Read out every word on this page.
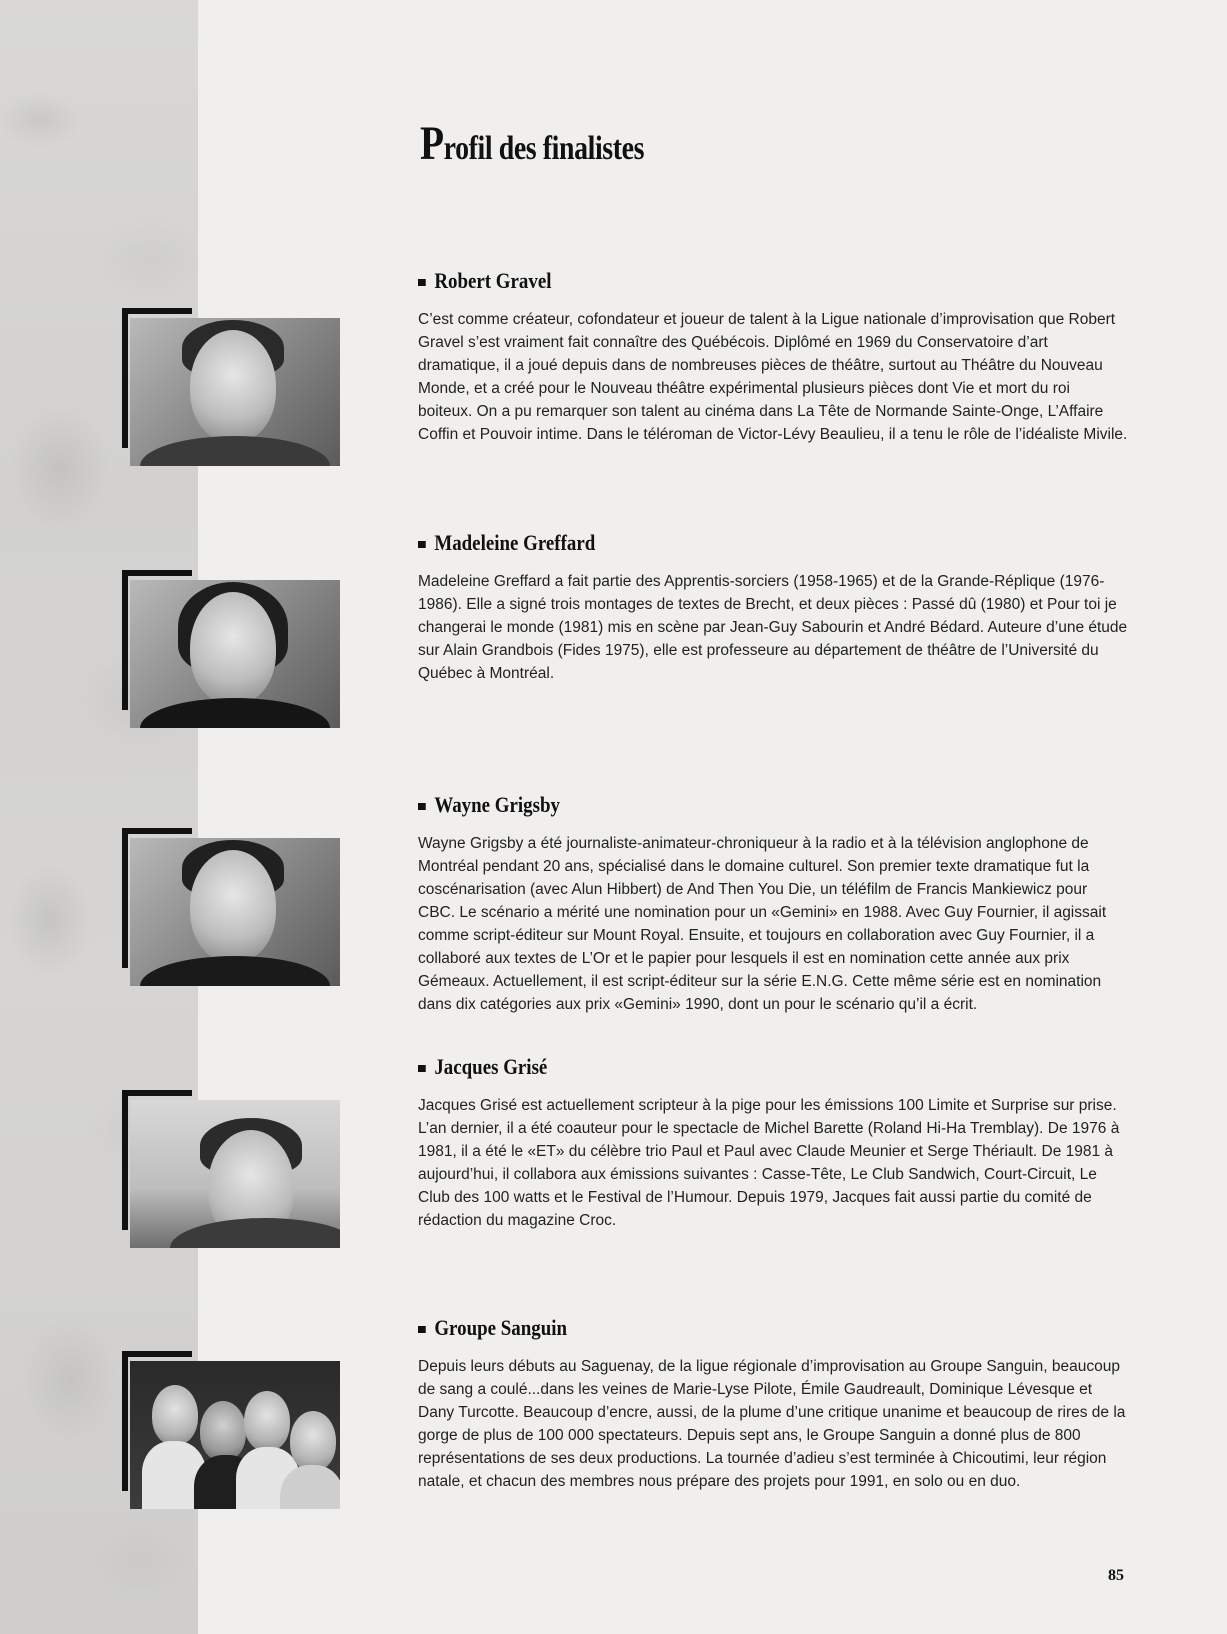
Profil des finalistes
Robert Gravel

C’est comme créateur, cofondateur et joueur de talent à la Ligue nationale d’improvisation que Robert Gravel s’est vraiment fait connaître des Québécois. Diplômé en 1969 du Conservatoire d’art dramatique, il a joué depuis dans de nombreuses pièces de théâtre, surtout au Théâtre du Nouveau Monde, et a créé pour le Nouveau théâtre expérimental plusieurs pièces dont Vie et mort du roi boiteux. On a pu remarquer son talent au cinéma dans La Tête de Normande Sainte-Onge, L’Affaire Coffin et Pouvoir intime. Dans le téléroman de Victor-Lévy Beaulieu, il a tenu le rôle de l’idéaliste Mivile.

Madeleine Greffard

Madeleine Greffard a fait partie des Apprentis-sorciers (1958-1965) et de la Grande-Réplique (1976-1986). Elle a signé trois montages de textes de Brecht, et deux pièces : Passé dû (1980) et Pour toi je changerai le monde (1981) mis en scène par Jean-Guy Sabourin et André Bédard. Auteure d’une étude sur Alain Grandbois (Fides 1975), elle est professeure au département de théâtre de l’Université du Québec à Montréal.

Wayne Grigsby

Wayne Grigsby a été journaliste-animateur-chroniqueur à la radio et à la télévision anglophone de Montréal pendant 20 ans, spécialisé dans le domaine culturel. Son premier texte dramatique fut la coscénarisation (avec Alun Hibbert) de And Then You Die, un téléfilm de Francis Mankiewicz pour CBC. Le scénario a mérité une nomination pour un «Gemini» en 1988. Avec Guy Fournier, il agissait comme script-éditeur sur Mount Royal. Ensuite, et toujours en collaboration avec Guy Fournier, il a collaboré aux textes de L’Or et le papier pour lesquels il est en nomination cette année aux prix Gémeaux. Actuellement, il est script-éditeur sur la série E.N.G. Cette même série est en nomination dans dix catégories aux prix «Gemini» 1990, dont un pour le scénario qu’il a écrit.

Jacques Grisé

Jacques Grisé est actuellement scripteur à la pige pour les émissions 100 Limite et Surprise sur prise. L’an dernier, il a été coauteur pour le spectacle de Michel Barette (Roland Hi-Ha Tremblay). De 1976 à 1981, il a été le «ET» du célèbre trio Paul et Paul avec Claude Meunier et Serge Thériault. De 1981 à aujourd’hui, il collabora aux émissions suivantes : Casse-Tête, Le Club Sandwich, Court-Circuit, Le Club des 100 watts et le Festival de l’Humour. Depuis 1979, Jacques fait aussi partie du comité de rédaction du magazine Croc.

Groupe Sanguin

Depuis leurs débuts au Saguenay, de la ligue régionale d’improvisation au Groupe Sanguin, beaucoup de sang a coulé...dans les veines de Marie-Lyse Pilote, Émile Gaudreault, Dominique Lévesque et Dany Turcotte. Beaucoup d’encre, aussi, de la plume d’une critique unanime et beaucoup de rires de la gorge de plus de 100 000 spectateurs. Depuis sept ans, le Groupe Sanguin a donné plus de 800 représentations de ses deux productions. La tournée d’adieu s’est terminée à Chicoutimi, leur région natale, et chacun des membres nous prépare des projets pour 1991, en solo ou en duo.

85
